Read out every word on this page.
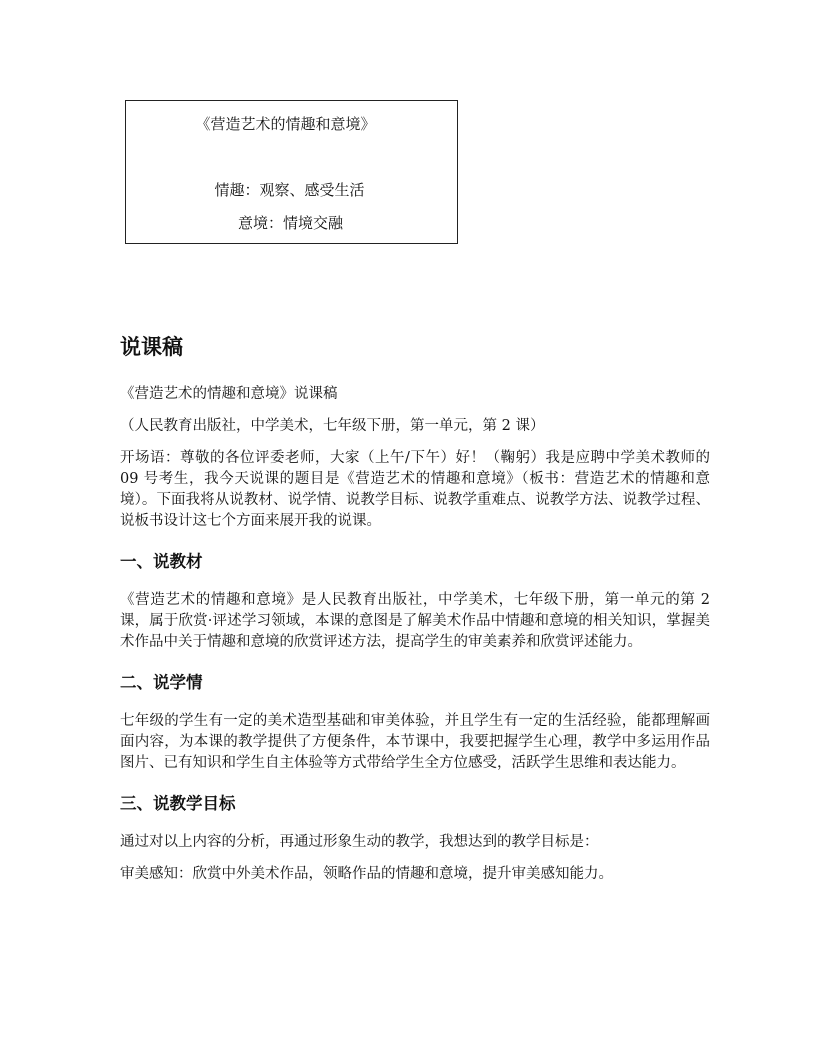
《营造艺术的情趣和意境》
情趣：观察、感受生活
意境：情境交融
说课稿

《营造艺术的情趣和意境》说课稿

（人民教育出版社，中学美术，七年级下册，第一单元，第 2 课）

开场语：尊敬的各位评委老师，大家（上午/下午）好！（鞠躬）我是应聘中学美术教师的 09 号考生，我今天说课的题目是《营造艺术的情趣和意境》（板书：营造艺术的情趣和意境）。下面我将从说教材、说学情、说教学目标、说教学重难点、说教学方法、说教学过程、说板书设计这七个方面来展开我的说课。

一、说教材

《营造艺术的情趣和意境》是人民教育出版社，中学美术，七年级下册，第一单元的第 2 课，属于欣赏·评述学习领域，本课的意图是了解美术作品中情趣和意境的相关知识，掌握美术作品中关于情趣和意境的欣赏评述方法，提高学生的审美素养和欣赏评述能力。

二、说学情

七年级的学生有一定的美术造型基础和审美体验，并且学生有一定的生活经验，能都理解画面内容，为本课的教学提供了方便条件，本节课中，我要把握学生心理，教学中多运用作品图片、已有知识和学生自主体验等方式带给学生全方位感受，活跃学生思维和表达能力。

三、说教学目标

通过对以上内容的分析，再通过形象生动的教学，我想达到的教学目标是：

审美感知：欣赏中外美术作品，领略作品的情趣和意境，提升审美感知能力。
